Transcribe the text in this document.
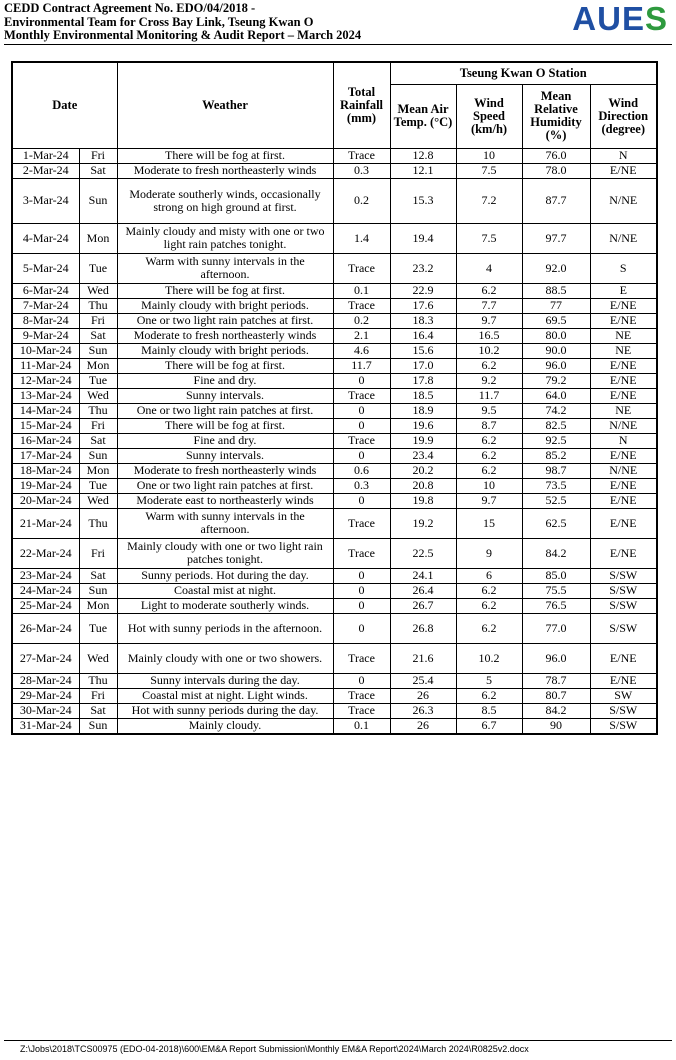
CEDD Contract Agreement No. EDO/04/2018 -
Environmental Team for Cross Bay Link, Tseung Kwan O
Monthly Environmental Monitoring & Audit Report – March 2024	AUES
Date		Weather	Total Rainfall (mm)	Tseung Kwan O Station			
				Mean Air Temp. (°C)	Wind Speed (km/h)	Mean Relative Humidity (%)	Wind Direction (degree)
1-Mar-24	Fri	There will be fog at first.	Trace	12.8	10	76.0	N
2-Mar-24	Sat	Moderate to fresh northeasterly winds	0.3	12.1	7.5	78.0	E/NE
3-Mar-24	Sun	Moderate southerly winds, occasionally strong on high ground at first.	0.2	15.3	7.2	87.7	N/NE
4-Mar-24	Mon	Mainly cloudy and misty with one or two light rain patches tonight.	1.4	19.4	7.5	97.7	N/NE
5-Mar-24	Tue	Warm with sunny intervals in the afternoon.	Trace	23.2	4	92.0	S
6-Mar-24	Wed	There will be fog at first.	0.1	22.9	6.2	88.5	E
7-Mar-24	Thu	Mainly cloudy with bright periods.	Trace	17.6	7.7	77	E/NE
8-Mar-24	Fri	One or two light rain patches at first.	0.2	18.3	9.7	69.5	E/NE
9-Mar-24	Sat	Moderate to fresh northeasterly winds	2.1	16.4	16.5	80.0	NE
10-Mar-24	Sun	Mainly cloudy with bright periods.	4.6	15.6	10.2	90.0	NE
11-Mar-24	Mon	There will be fog at first.	11.7	17.0	6.2	96.0	E/NE
12-Mar-24	Tue	Fine and dry.	0	17.8	9.2	79.2	E/NE
13-Mar-24	Wed	Sunny intervals.	Trace	18.5	11.7	64.0	E/NE
14-Mar-24	Thu	One or two light rain patches at first.	0	18.9	9.5	74.2	NE
15-Mar-24	Fri	There will be fog at first.	0	19.6	8.7	82.5	N/NE
16-Mar-24	Sat	Fine and dry.	Trace	19.9	6.2	92.5	N
17-Mar-24	Sun	Sunny intervals.	0	23.4	6.2	85.2	E/NE
18-Mar-24	Mon	Moderate to fresh northeasterly winds	0.6	20.2	6.2	98.7	N/NE
19-Mar-24	Tue	One or two light rain patches at first.	0.3	20.8	10	73.5	E/NE
20-Mar-24	Wed	Moderate east to northeasterly winds	0	19.8	9.7	52.5	E/NE
21-Mar-24	Thu	Warm with sunny intervals in the afternoon.	Trace	19.2	15	62.5	E/NE
22-Mar-24	Fri	Mainly cloudy with one or two light rain patches tonight.	Trace	22.5	9	84.2	E/NE
23-Mar-24	Sat	Sunny periods. Hot during the day.	0	24.1	6	85.0	S/SW
24-Mar-24	Sun	Coastal mist at night.	0	26.4	6.2	75.5	S/SW
25-Mar-24	Mon	Light to moderate southerly winds.	0	26.7	6.2	76.5	S/SW
26-Mar-24	Tue	Hot with sunny periods in the afternoon.	0	26.8	6.2	77.0	S/SW
27-Mar-24	Wed	Mainly cloudy with one or two showers.	Trace	21.6	10.2	96.0	E/NE
28-Mar-24	Thu	Sunny intervals during the day.	0	25.4	5	78.7	E/NE
29-Mar-24	Fri	Coastal mist at night. Light winds.	Trace	26	6.2	80.7	SW
30-Mar-24	Sat	Hot with sunny periods during the day.	Trace	26.3	8.5	84.2	S/SW
31-Mar-24	Sun	Mainly cloudy.	0.1	26	6.7	90	S/SW
Z:\Jobs\2018\TCS00975 (EDO-04-2018)\600\EM&A Report Submission\Monthly EM&A Report\2024\March 2024\R0825v2.docx
